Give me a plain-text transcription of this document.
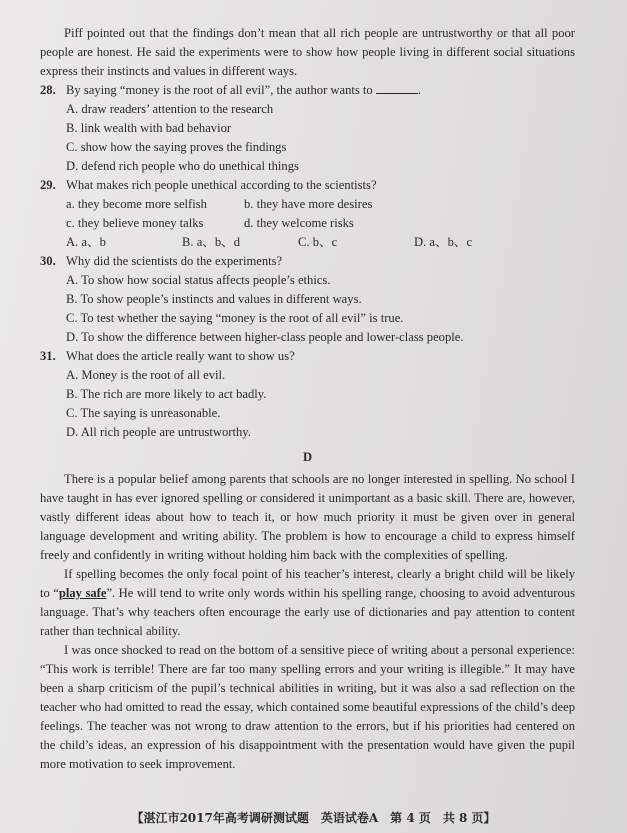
Piff pointed out that the findings don’t mean that all rich people are untrustworthy or that all poor people are honest. He said the experiments were to show how people living in different social situations express their instincts and values in different ways.

28. By saying “money is the root of all evil”, the author wants to	.

A. draw readers’ attention to the research

B. link wealth with bad behavior

C. show how the saying proves the findings

D. defend rich people who do unethical things

29. What makes rich people unethical according to the scientists?
a. they become more selfish	b. they have more desires
c. they believe money talks	d. they welcome risks
A. a、b	B. a、b、d	C. b、c	D. a、b、c
30. Why did the scientists do the experiments?

A. To show how social status affects people’s ethics.

B. To show people’s instincts and values in different ways.

C. To test whether the saying “money is the root of all evil” is true.

D. To show the difference between higher-class people and lower-class people.

31. What does the article really want to show us?

A. Money is the root of all evil.

B. The rich are more likely to act badly.

C. The saying is unreasonable.

D. All rich people are untrustworthy.

D

There is a popular belief among parents that schools are no longer interested in spelling. No school I have taught in has ever ignored spelling or considered it unimportant as a basic skill. There are, however, vastly different ideas about how to teach it, or how much priority it must be given over in general language development and writing ability. The problem is how to encourage a child to express himself freely and confidently in writing without holding him back with the complexities of spelling.

If spelling becomes the only focal point of his teacher’s interest, clearly a bright child will be likely to “play safe”. He will tend to write only words within his spelling range, choosing to avoid adventurous language. That’s why teachers often encourage the early use of dictionaries and pay attention to content rather than technical ability.

I was once shocked to read on the bottom of a sensitive piece of writing about a personal experience: “This work is terrible! There are far too many spelling errors and your writing is illegible.” It may have been a sharp criticism of the pupil’s technical abilities in writing, but it was also a sad reflection on the teacher who had omitted to read the essay, which contained some beautiful expressions of the child’s deep feelings. The teacher was not wrong to draw attention to the errors, but if his priorities had centered on the child’s ideas, an expression of his disappointment with the presentation would have given the pupil more motivation to seek improvement.

【湛江市2017年高考调研测试题　英语试卷A　第 4 页　共 8 页】
